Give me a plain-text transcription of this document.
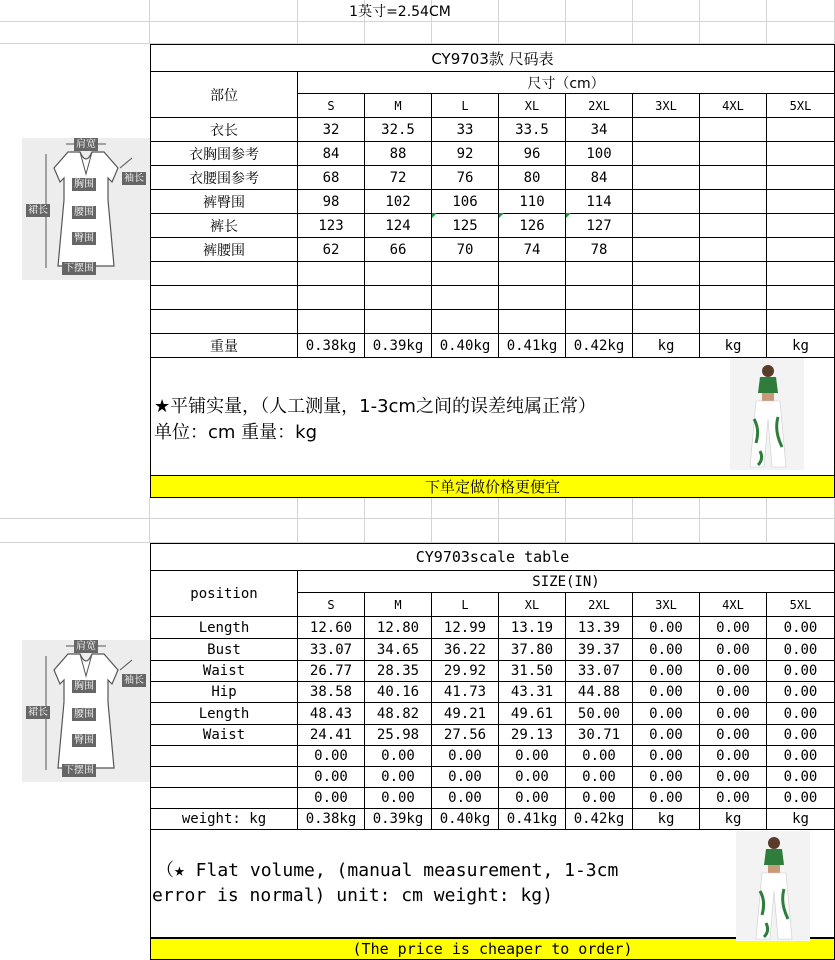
CY9703款 尺码表
部位
尺寸（cm）
S	M	L	XL	2XL	3XL	4XL	5XL
衣长	32	32.5	33	33.5	34
衣胸围参考	84	88	92	96	100
衣腰围参考	68	72	76	80	84
裤臀围	98	102	106	110	114
裤长	123	124	125	126	127
裤腰围	62	66	70	74	78
重量	0.38kg	0.39kg	0.40kg	0.41kg	0.42kg	kg	kg	kg
★平铺实量，（人工测量，1-3cm之间的误差纯属正常）
单位：cm 重量：kg
下单定做价格更便宜
CY9703scale table
position
SIZE(IN)
S	M	L	XL	2XL	3XL	4XL	5XL
Length	12.60	12.80	12.99	13.19	13.39	0.00	0.00	0.00
Bust	33.07	34.65	36.22	37.80	39.37	0.00	0.00	0.00
Waist	26.77	28.35	29.92	31.50	33.07	0.00	0.00	0.00
Hip	38.58	40.16	41.73	43.31	44.88	0.00	0.00	0.00
Length	48.43	48.82	49.21	49.61	50.00	0.00	0.00	0.00
Waist	24.41	25.98	27.56	29.13	30.71	0.00	0.00	0.00
0.00	0.00	0.00	0.00	0.00	0.00	0.00	0.00
0.00	0.00	0.00	0.00	0.00	0.00	0.00	0.00
0.00	0.00	0.00	0.00	0.00	0.00	0.00	0.00
weight: kg	0.38kg	0.39kg	0.40kg	0.41kg	0.42kg	kg	kg	kg
（★ Flat volume, (manual measurement, 1-3cm
error is normal) unit: cm weight: kg)
(The price is cheaper to order)
1英寸=2.54CM
肩宽
袖长
胸围
裙长	腰围
臀围
下摆围
肩宽
袖长
胸围
裙长	腰围
臀围
下摆围
